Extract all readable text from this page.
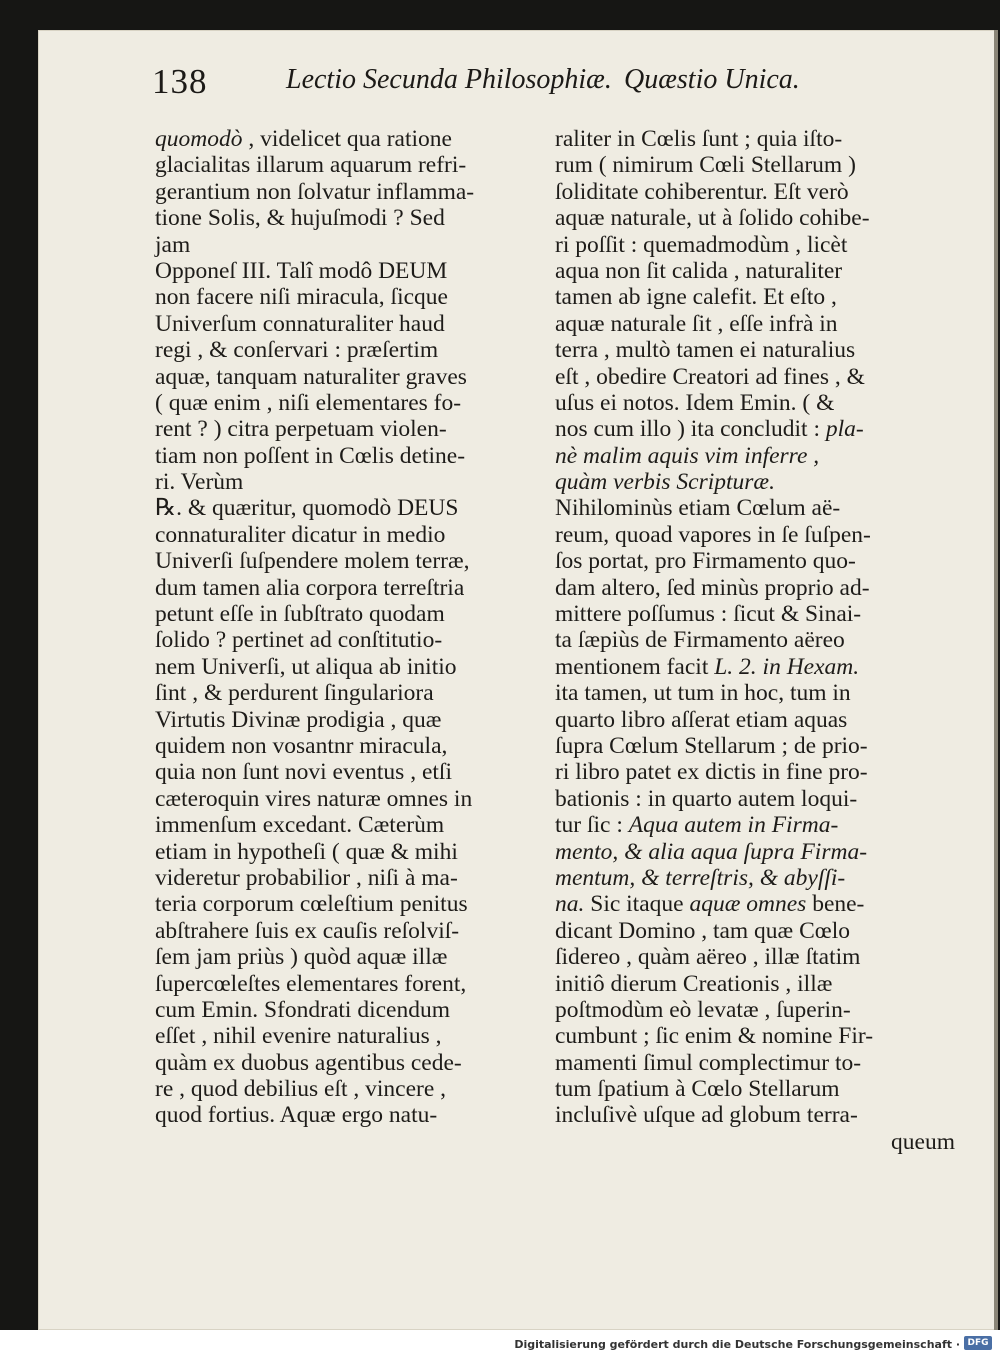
138	Lectio Secunda Philosophiæ. Quæstio Unica.
quomodò , videlicet qua ratione
glacialitas illarum aquarum refri-
gerantium non ſolvatur inflamma-
tione Solis, & hujuſmodi ? Sed
jam
Opponeſ III. Talî modô DEUM
non facere niſi miracula, ſicque
Univerſum connaturaliter haud
regi , & conſervari : præſertim
aquæ, tanquam naturaliter graves
( quæ enim , niſi elementares fo-
rent ? ) citra perpetuam violen-
tiam non poſſent in Cœlis detine-
ri. Verùm
℞. & quæritur, quomodò DEUS
connaturaliter dicatur in medio
Univerſi ſuſpendere molem terræ,
dum tamen alia corpora terreſtria
petunt eſſe in ſubſtrato quodam
ſolido ? pertinet ad conſtitutio-
nem Univerſi, ut aliqua ab initio
ſint , & perdurent ſingulariora
Virtutis Divinæ prodigia , quæ
quidem non vosantnr miracula,
quia non ſunt novi eventus , etſi
cæteroquin vires naturæ omnes in
immenſum excedant. Cæterùm
etiam in hypotheſi ( quæ & mihi
videretur probabilior , niſi à ma-
teria corporum cœleſtium penitus
abſtrahere ſuis ex cauſis reſolviſ-
ſem jam priùs ) quòd aquæ illæ
ſupercœleſtes elementares forent,
cum Emin. Sfondrati dicendum
eſſet , nihil evenire naturalius ,
quàm ex duobus agentibus cede-
re , quod debilius eſt , vincere ,
quod fortius. Aquæ ergo natu-
raliter in Cœlis ſunt ; quia iſto-
rum ( nimirum Cœli Stellarum )
ſoliditate cohiberentur. Eſt verò
aquæ naturale, ut à ſolido cohibe-
ri poſſit : quemadmodùm , licèt
aqua non ſit calida , naturaliter
tamen ab igne calefit. Et eſto ,
aquæ naturale ſit , eſſe infrà in
terra , multò tamen ei naturalius
eſt , obedire Creatori ad fines , &
uſus ei notos. Idem Emin. ( &
nos cum illo ) ita concludit : pla-
nè malim aquis vim inferre ,
quàm verbis Scripturæ.
Nihilominùs etiam Cœlum aë-
reum, quoad vapores in ſe ſuſpen-
ſos portat, pro Firmamento quo-
dam altero, ſed minùs proprio ad-
mittere poſſumus : ſicut & Sinai-
ta ſæpiùs de Firmamento aëreo
mentionem facit L. 2. in Hexam.
ita tamen, ut tum in hoc, tum in
quarto libro aſſerat etiam aquas
ſupra Cœlum Stellarum ; de prio-
ri libro patet ex dictis in fine pro-
bationis : in quarto autem loqui-
tur ſic : Aqua autem in Firma-
mento, & alia aqua ſupra Firma-
mentum, & terreſtris, & abyſſi-
na. Sic itaque aquæ omnes bene-
dicant Domino , tam quæ Cœlo
ſidereo , quàm aëreo , illæ ſtatim
initiô dierum Creationis , illæ
poſtmodùm eò levatæ , ſuperin-
cumbunt ; ſic enim & nomine Fir-
mamenti ſimul complectimur to-
tum ſpatium à Cœlo Stellarum
incluſivè uſque ad globum terra-
queum
Digitalisierung gefördert durch die Deutsche Forschungsgemeinschaft · DFG
